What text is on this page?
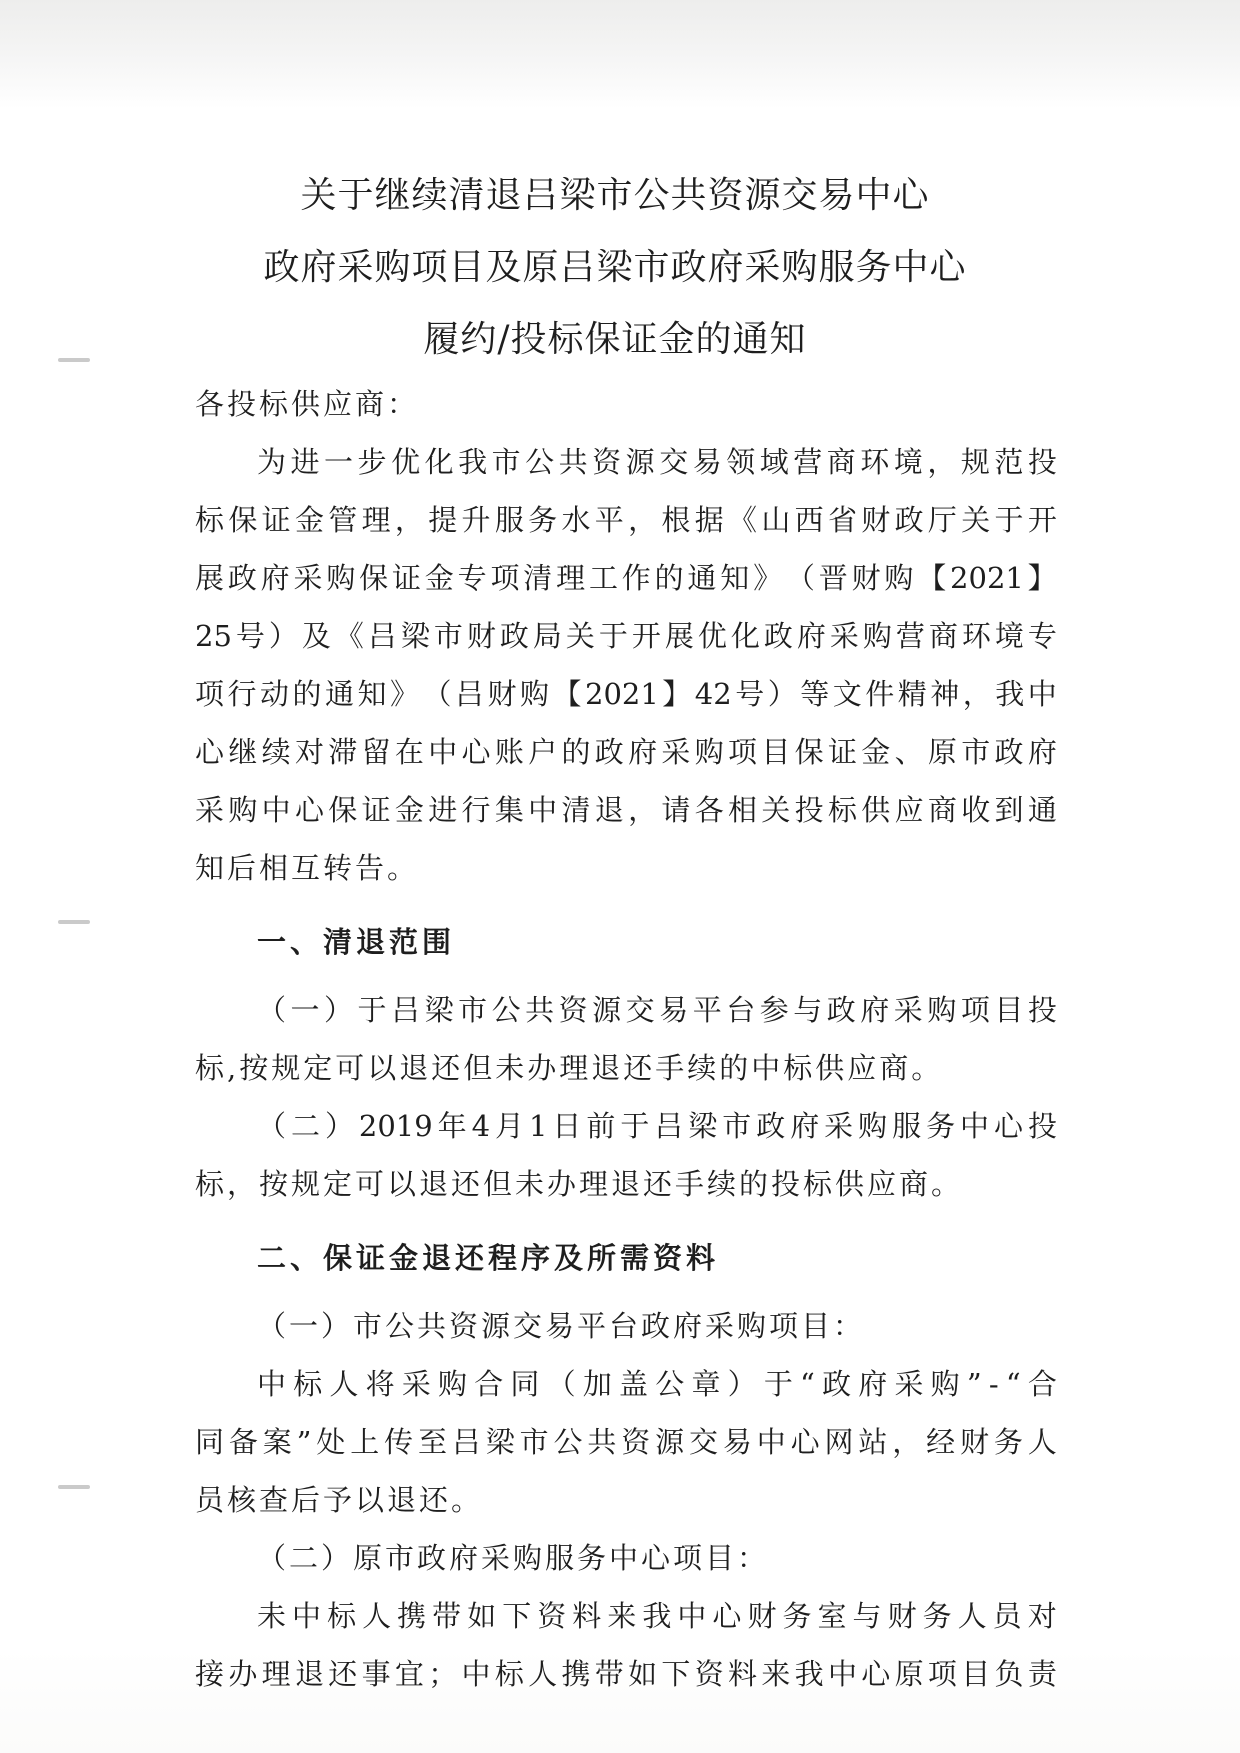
关于继续清退吕梁市公共资源交易中心
政府采购项目及原吕梁市政府采购服务中心
履约/投标保证金的通知
各投标供应商：
为 进 一 步 优 化 我 市 公 共 资 源 交 易 领 域 营 商 环 境 ， 规 范 投
标 保 证 金 管 理 ， 提 升 服 务 水 平 ， 根 据 《 山 西 省 财 政 厅 关 于 开
展 政 府 采 购 保 证 金 专 项 清 理 工 作 的 通 知 》 （ 晋 财 购 【 2021 】
25 号 ） 及 《 吕 梁 市 财 政 局 关 于 开 展 优 化 政 府 采 购 营 商 环 境 专
项 行 动 的 通 知 》 （ 吕 财 购 【 2021 】 42 号 ） 等 文 件 精 神 ， 我 中
心 继 续 对 滞 留 在 中 心 账 户 的 政 府 采 购 项 目 保 证 金 、 原 市 政 府
采 购 中 心 保 证 金 进 行 集 中 清 退 ， 请 各 相 关 投 标 供 应 商 收 到 通
知后相互转告。
一、清退范围
（ 一 ） 于 吕 梁 市 公 共 资 源 交 易 平 台 参 与 政 府 采 购 项 目 投
标,按规定可以退还但未办理退还手续的中标供应商。
（ 二 ） 2019 年 4 月 1 日 前 于 吕 梁 市 政 府 采 购 服 务 中 心 投
标，按规定可以退还但未办理退还手续的投标供应商。
二、保证金退还程序及所需资料
（一）市公共资源交易平台政府采购项目：
中 标 人 将 采 购 合 同 （ 加 盖 公 章 ） 于 “ 政 府 采 购 ” - “ 合
同 备 案 ” 处 上 传 至 吕 梁 市 公 共 资 源 交 易 中 心 网 站 ， 经 财 务 人
员核查后予以退还。
（二）原市政府采购服务中心项目：
未 中 标 人 携 带 如 下 资 料 来 我 中 心 财 务 室 与 财 务 人 员 对
接 办 理 退 还 事 宜 ； 中 标 人 携 带 如 下 资 料 来 我 中 心 原 项 目 负 责
